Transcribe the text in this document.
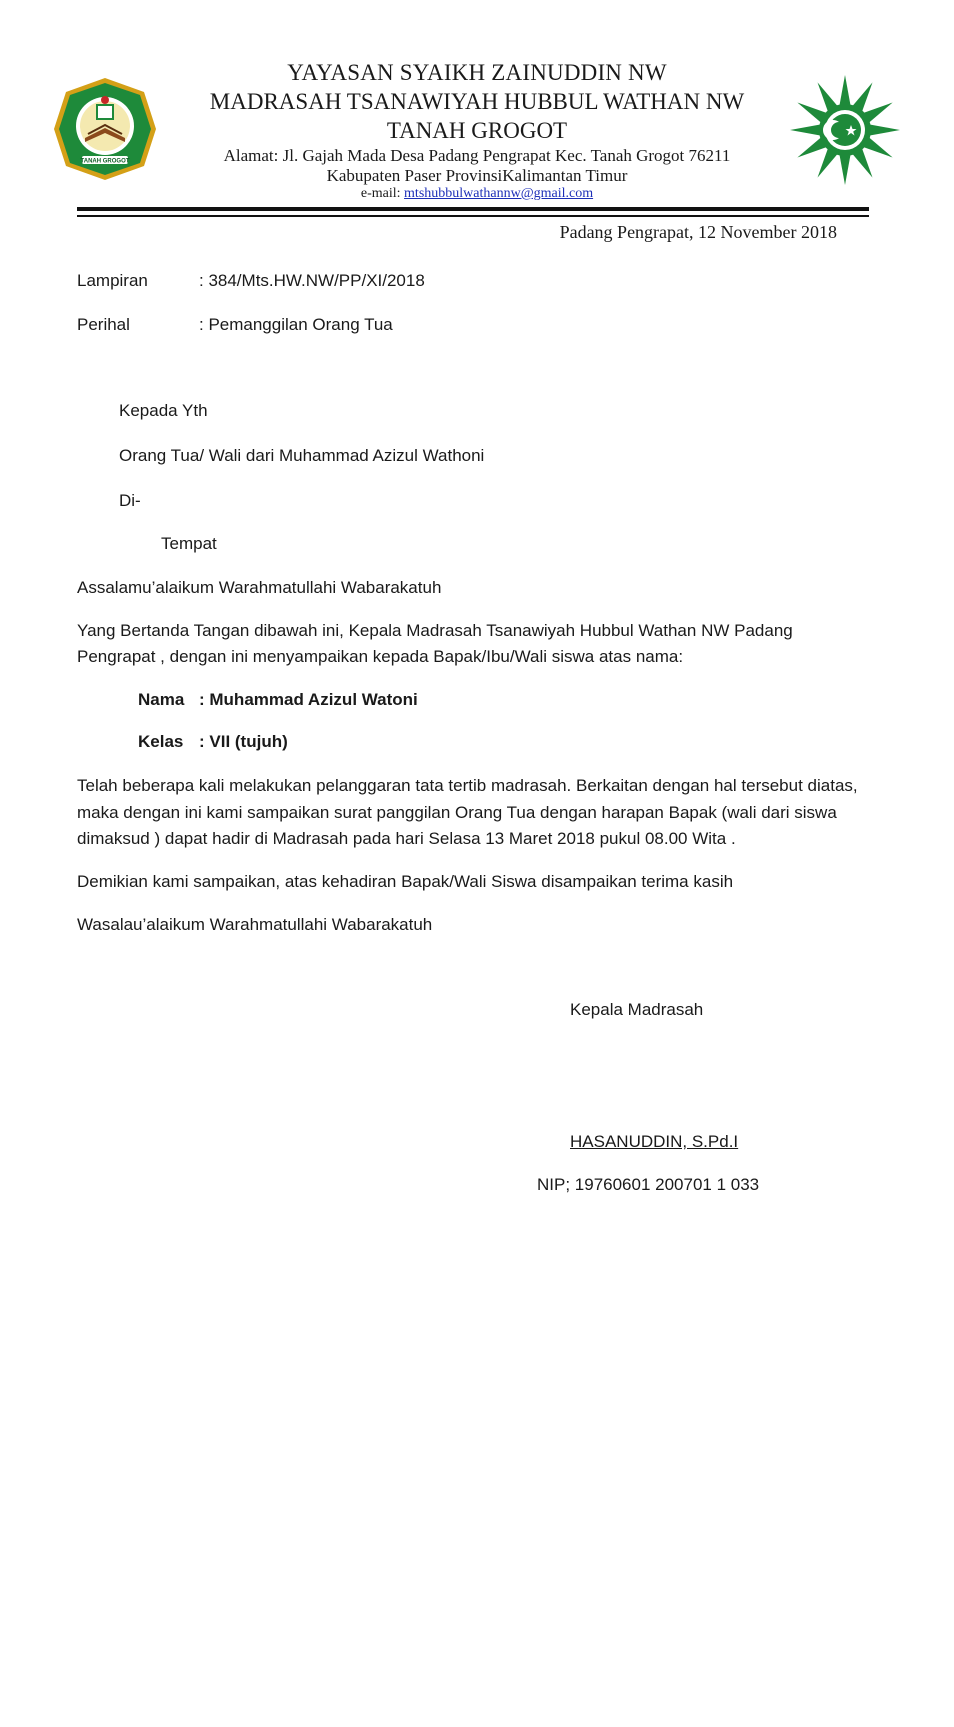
TANAH GROGOT
YAYASAN SYAIKH ZAINUDDIN NW
MADRASAH TSANAWIYAH HUBBUL WATHAN NW
TANAH GROGOT
Alamat: Jl. Gajah Mada Desa Padang Pengrapat Kec. Tanah Grogot 76211
Kabupaten Paser ProvinsiKalimantan Timur
e-mail: mtshubbulwathannw@gmail.com
Padang Pengrapat, 12 November 2018
Lampiran	: 384/Mts.HW.NW/PP/XI/2018
Perihal	: Pemanggilan Orang Tua
Kepada Yth
Orang Tua/ Wali dari Muhammad Azizul Wathoni
Di-
Tempat
Assalamu’alaikum Warahmatullahi Wabarakatuh
Yang Bertanda Tangan dibawah ini, Kepala Madrasah Tsanawiyah Hubbul Wathan NW Padang
Pengrapat , dengan ini menyampaikan kepada Bapak/Ibu/Wali siswa atas nama:
Nama : Muhammad Azizul Watoni
Kelas : VII (tujuh)
Telah beberapa kali melakukan pelanggaran tata tertib madrasah. Berkaitan dengan hal tersebut diatas,
maka dengan ini kami sampaikan surat panggilan Orang Tua dengan harapan Bapak (wali dari siswa
dimaksud ) dapat hadir di Madrasah pada hari Selasa 13 Maret 2018 pukul 08.00 Wita .
Demikian kami sampaikan, atas kehadiran Bapak/Wali Siswa disampaikan terima kasih
Wasalau’alaikum Warahmatullahi Wabarakatuh
Kepala Madrasah
HASANUDDIN, S.Pd.I
NIP; 19760601 200701 1 033
